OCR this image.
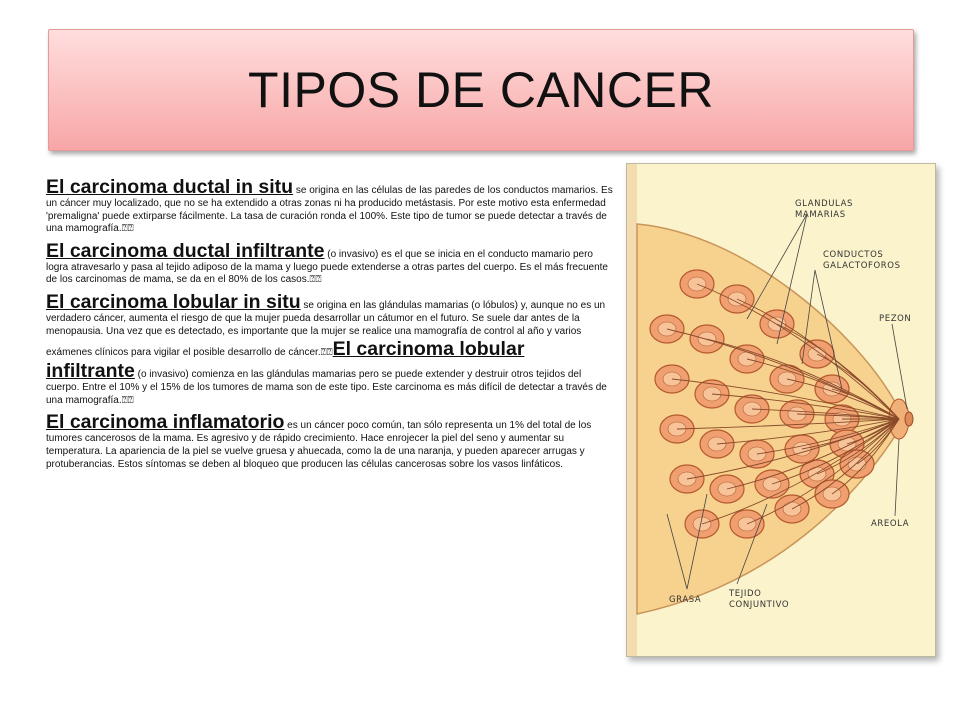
TIPOS DE CANCER

El carcinoma ductal in situ se origina en las células de las paredes de los conductos mamarios. Es un cáncer muy localizado, que no se ha extendido a otras zonas ni ha producido metástasis. Por este motivo esta enfermedad 'premaligna' puede extirparse fácilmente. La tasa de curación ronda el 100%. Este tipo de tumor se puede detectar a través de una mamografía.⍰⍰

El carcinoma ductal infiltrante (o invasivo) es el que se inicia en el conducto mamario pero logra atravesarlo y pasa al tejido adiposo de la mama y luego puede extenderse a otras partes del cuerpo. Es el más frecuente de los carcinomas de mama, se da en el 80% de los casos.⍰⍰

El carcinoma lobular in situ se origina en las glándulas mamarias (o lóbulos) y, aunque no es un verdadero cáncer, aumenta el riesgo de que la mujer pueda desarrollar un cátumor en el futuro. Se suele dar antes de la menopausia. Una vez que es detectado, es importante que la mujer se realice una mamografía de control al año y varios exámenes clínicos para vigilar el posible desarrollo de cáncer.⍰⍰El carcinoma lobular infiltrante (o invasivo) comienza en las glándulas mamarias pero se puede extender y destruir otros tejidos del cuerpo. Entre el 10% y el 15% de los tumores de mama son de este tipo. Este carcinoma es más difícil de detectar a través de una mamografía.⍰⍰

El carcinoma inflamatorio es un cáncer poco común, tan sólo representa un 1% del total de los tumores cancerosos de la mama. Es agresivo y de rápido crecimiento. Hace enrojecer la piel del seno y aumentar su temperatura. La apariencia de la piel se vuelve gruesa y ahuecada, como la de una naranja, y pueden aparecer arrugas y protuberancias. Estos síntomas se deben al bloqueo que producen las células cancerosas sobre los vasos linfáticos.

GLANDULAS
MAMARIAS
CONDUCTOS
GALACTOFOROS
PEZON
AREOLA
GRASA
TEJIDO
CONJUNTIVO
